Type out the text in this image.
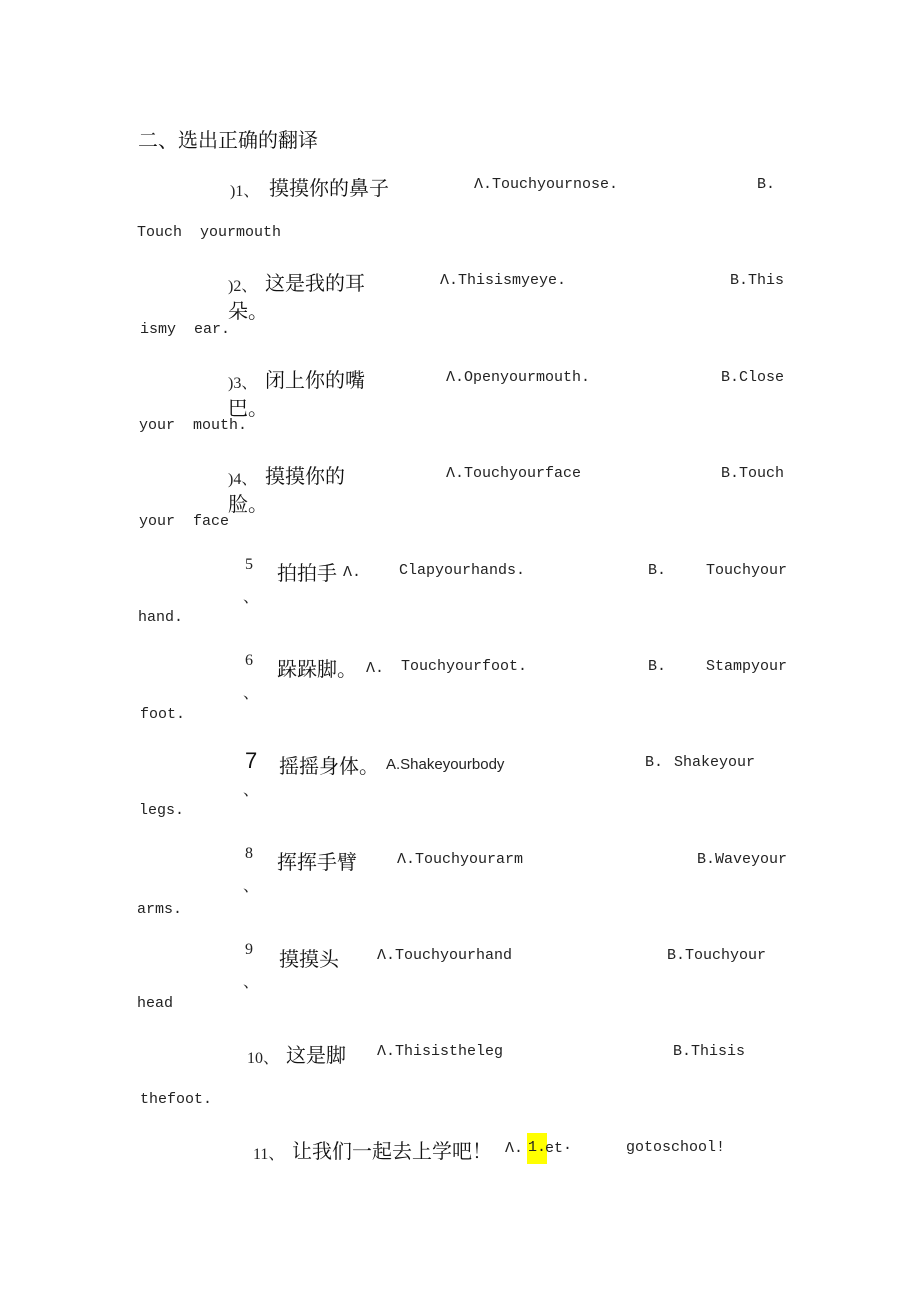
二、选出正确的翻译
)1、 摸摸你的鼻子	Λ.Touchyournose.	B.
Touch  yourmouth
)2、 这是我的耳
朵。
Λ.Thisismyeye.	B.This
ismy  ear.
)3、 闭上你的嘴
巴。
Λ.Openyourmouth.	B.Close
your  mouth.
)4、 摸摸你的
脸。
Λ.Touchyourface	B.Touch
your  face
5
、
拍拍手 Λ.	Clapyourhands.	B.	Touchyour
hand.
6
、
跺跺脚。 Λ. Touchyourfoot.	B.	Stampyour
foot.
7
、
摇摇身体。 A.Shakeyourbody	B. Shakeyour
legs.
8
、
挥挥手臂	Λ.Touchyourarm	B.Waveyour
arms.
9
、
摸摸头	Λ.Touchyourhand	B.Touchyour
head
10、 这是脚 Λ.Thisistheleg	B.Thisis
thefoot.
11、 让我们一起去上学吧！ Λ. 1.
et·	gotoschool!
